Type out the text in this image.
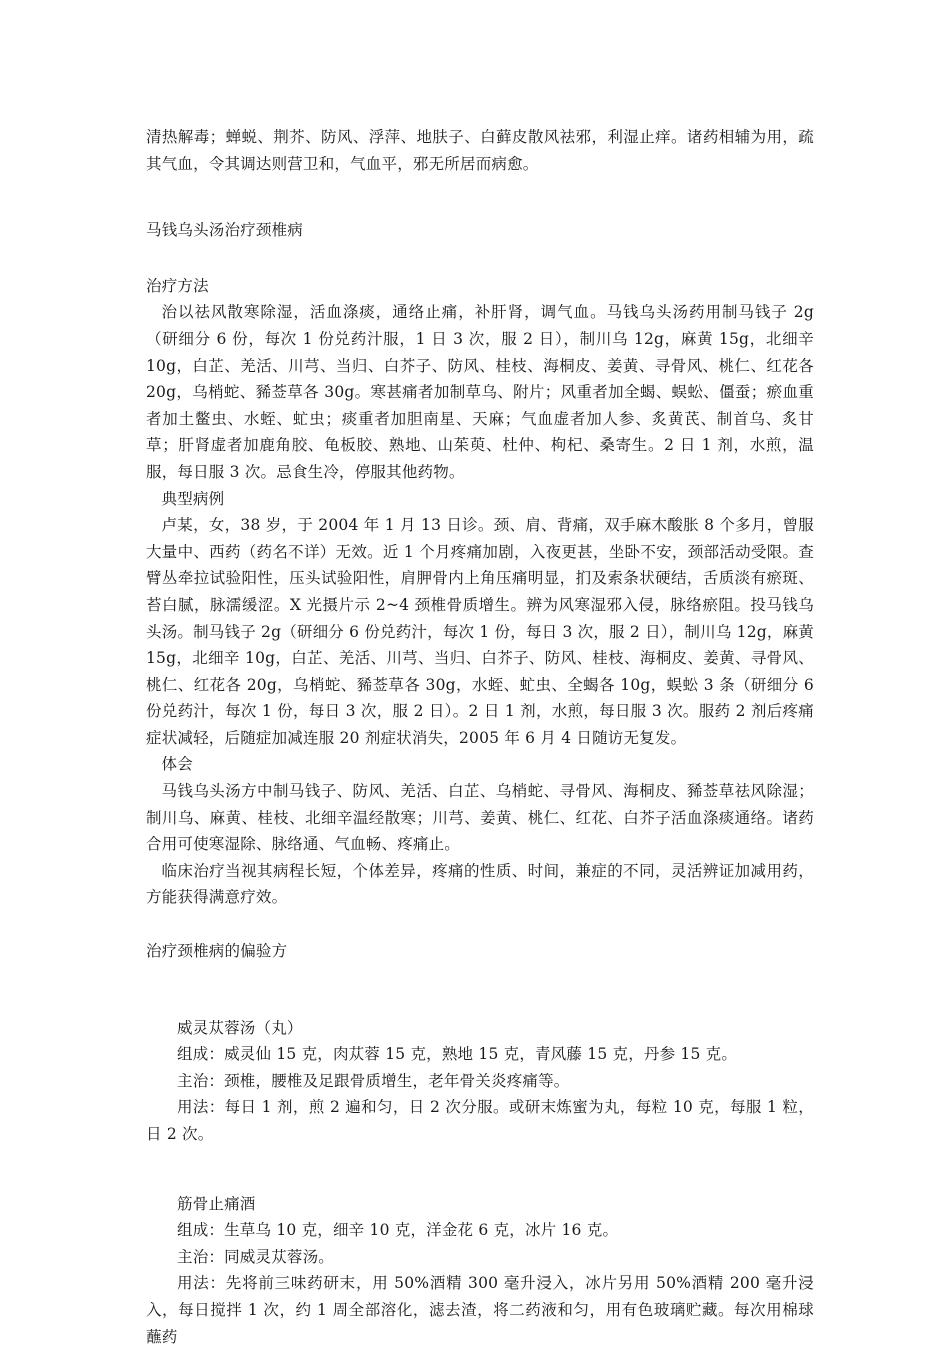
清热解毒；蝉蜕、荆芥、防风、浮萍、地肤子、白藓皮散风祛邪，利湿止痒。诸药相辅为用，疏其气血，令其调达则营卫和，气血平，邪无所居而病愈。

马钱乌头汤治疗颈椎病

治疗方法

治以祛风散寒除湿，活血涤痰，通络止痛，补肝肾，调气血。马钱乌头汤药用制马钱子 2g（研细分 6 份，每次 1 份兑药汁服，1 日 3 次，服 2 日），制川乌 12g，麻黄 15g，北细辛 10g，白芷、羌活、川芎、当归、白芥子、防风、桂枝、海桐皮、姜黄、寻骨风、桃仁、红花各 20g，乌梢蛇、豨莶草各 30g。寒甚痛者加制草乌、附片；风重者加全蝎、蜈蚣、僵蚕；瘀血重者加土鳖虫、水蛭、虻虫；痰重者加胆南星、天麻；气血虚者加人参、炙黄芪、制首乌、炙甘草；肝肾虚者加鹿角胶、龟板胶、熟地、山茱萸、杜仲、枸杞、桑寄生。2 日 1 剂，水煎，温服，每日服 3 次。忌食生冷，停服其他药物。

典型病例

卢某，女，38 岁，于 2004 年 1 月 13 日诊。颈、肩、背痛，双手麻木酸胀 8 个多月，曾服大量中、西药（药名不详）无效。近 1 个月疼痛加剧，入夜更甚，坐卧不安，颈部活动受限。查臂丛牵拉试验阳性，压头试验阳性，肩胛骨内上角压痛明显，扪及索条状硬结，舌质淡有瘀斑、苔白腻，脉濡缓涩。X 光摄片示 2~4 颈椎骨质增生。辨为风寒湿邪入侵，脉络瘀阻。投马钱乌头汤。制马钱子 2g（研细分 6 份兑药汁，每次 1 份，每日 3 次，服 2 日），制川乌 12g，麻黄 15g，北细辛 10g，白芷、羌活、川芎、当归、白芥子、防风、桂枝、海桐皮、姜黄、寻骨风、桃仁、红花各 20g，乌梢蛇、豨莶草各 30g，水蛭、虻虫、全蝎各 10g，蜈蚣 3 条（研细分 6 份兑药汁，每次 1 份，每日 3 次，服 2 日）。2 日 1 剂，水煎，每日服 3 次。服药 2 剂后疼痛症状减轻，后随症加减连服 20 剂症状消失，2005 年 6 月 4 日随访无复发。

体会

马钱乌头汤方中制马钱子、防风、羌活、白芷、乌梢蛇、寻骨风、海桐皮、豨莶草祛风除湿；制川乌、麻黄、桂枝、北细辛温经散寒；川芎、姜黄、桃仁、红花、白芥子活血涤痰通络。诸药合用可使寒湿除、脉络通、气血畅、疼痛止。

临床治疗当视其病程长短，个体差异，疼痛的性质、时间，兼症的不同，灵活辨证加减用药，方能获得满意疗效。

治疗颈椎病的偏验方

威灵苁蓉汤（丸）

组成：威灵仙 15 克，肉苁蓉 15 克，熟地 15 克，青风藤 15 克，丹参 15 克。

主治：颈椎，腰椎及足跟骨质增生，老年骨关炎疼痛等。

用法：每日 1 剂，煎 2 遍和匀，日 2 次分服。或研末炼蜜为丸，每粒 10 克，每服 1 粒，日 2 次。

筋骨止痛酒

组成：生草乌 10 克，细辛 10 克，洋金花 6 克，冰片 16 克。

主治：同威灵苁蓉汤。

用法：先将前三味药研末，用 50%酒精 300 毫升浸入，冰片另用 50%酒精 200 毫升浸入，每日搅拌 1 次，约 1 周全部溶化，滤去渣，将二药液和匀，用有色玻璃贮藏。每次用棉球蘸药
